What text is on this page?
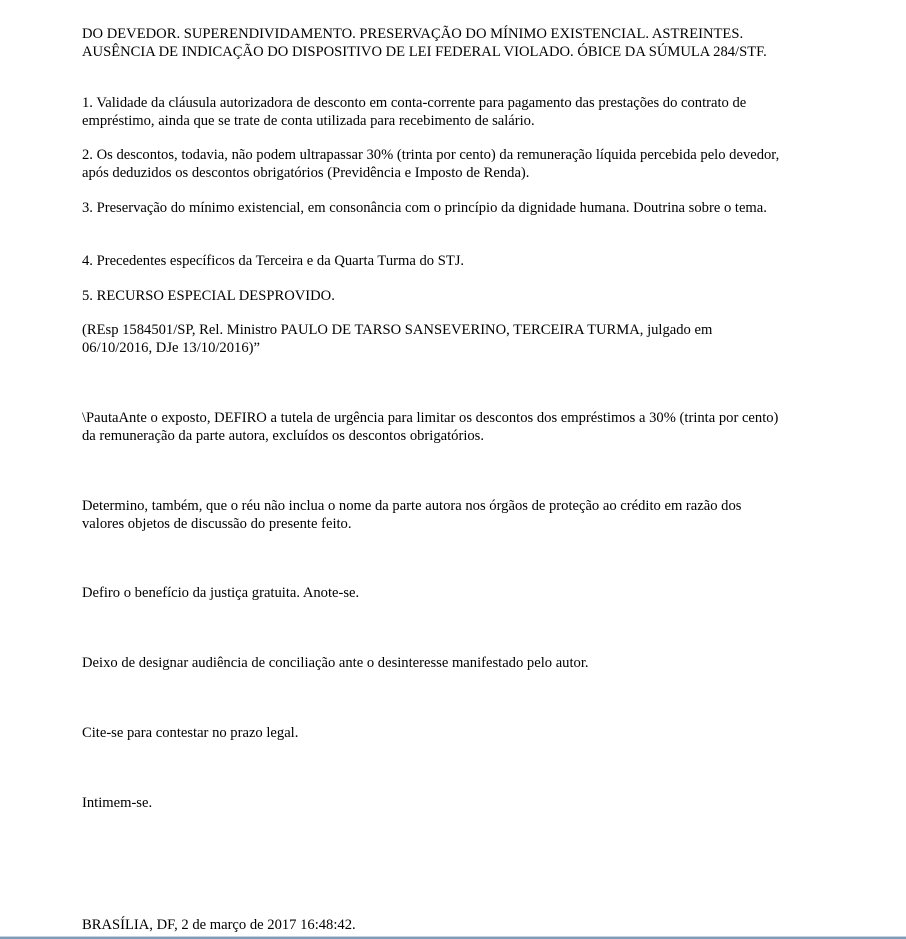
DO DEVEDOR. SUPERENDIVIDAMENTO. PRESERVAÇÃO DO MÍNIMO EXISTENCIAL. ASTREINTES. AUSÊNCIA DE INDICAÇÃO DO DISPOSITIVO DE LEI FEDERAL VIOLADO. ÓBICE DA SÚMULA 284/STF.

1. Validade da cláusula autorizadora de desconto em conta-corrente para pagamento das prestações do contrato de empréstimo, ainda que se trate de conta utilizada para recebimento de salário.

2. Os descontos, todavia, não podem ultrapassar 30% (trinta por cento) da remuneração líquida percebida pelo devedor, após deduzidos os descontos obrigatórios (Previdência e Imposto de Renda).

3. Preservação do mínimo existencial, em consonância com o princípio da dignidade humana. Doutrina sobre o tema.

4. Precedentes específicos da Terceira e da Quarta Turma do STJ.

5. RECURSO ESPECIAL DESPROVIDO.

(REsp 1584501/SP, Rel. Ministro PAULO DE TARSO SANSEVERINO, TERCEIRA TURMA, julgado em 06/10/2016, DJe 13/10/2016)”

\PautaAnte o exposto, DEFIRO a tutela de urgência para limitar os descontos dos empréstimos a 30% (trinta por cento) da remuneração da parte autora, excluídos os descontos obrigatórios.

Determino, também, que o réu não inclua o nome da parte autora nos órgãos de proteção ao crédito em razão dos valores objetos de discussão do presente feito.

Defiro o benefício da justiça gratuita. Anote-se.

Deixo de designar audiência de conciliação ante o desinteresse manifestado pelo autor.

Cite-se para contestar no prazo legal.

Intimem-se.

BRASÍLIA, DF, 2 de março de 2017 16:48:42.
